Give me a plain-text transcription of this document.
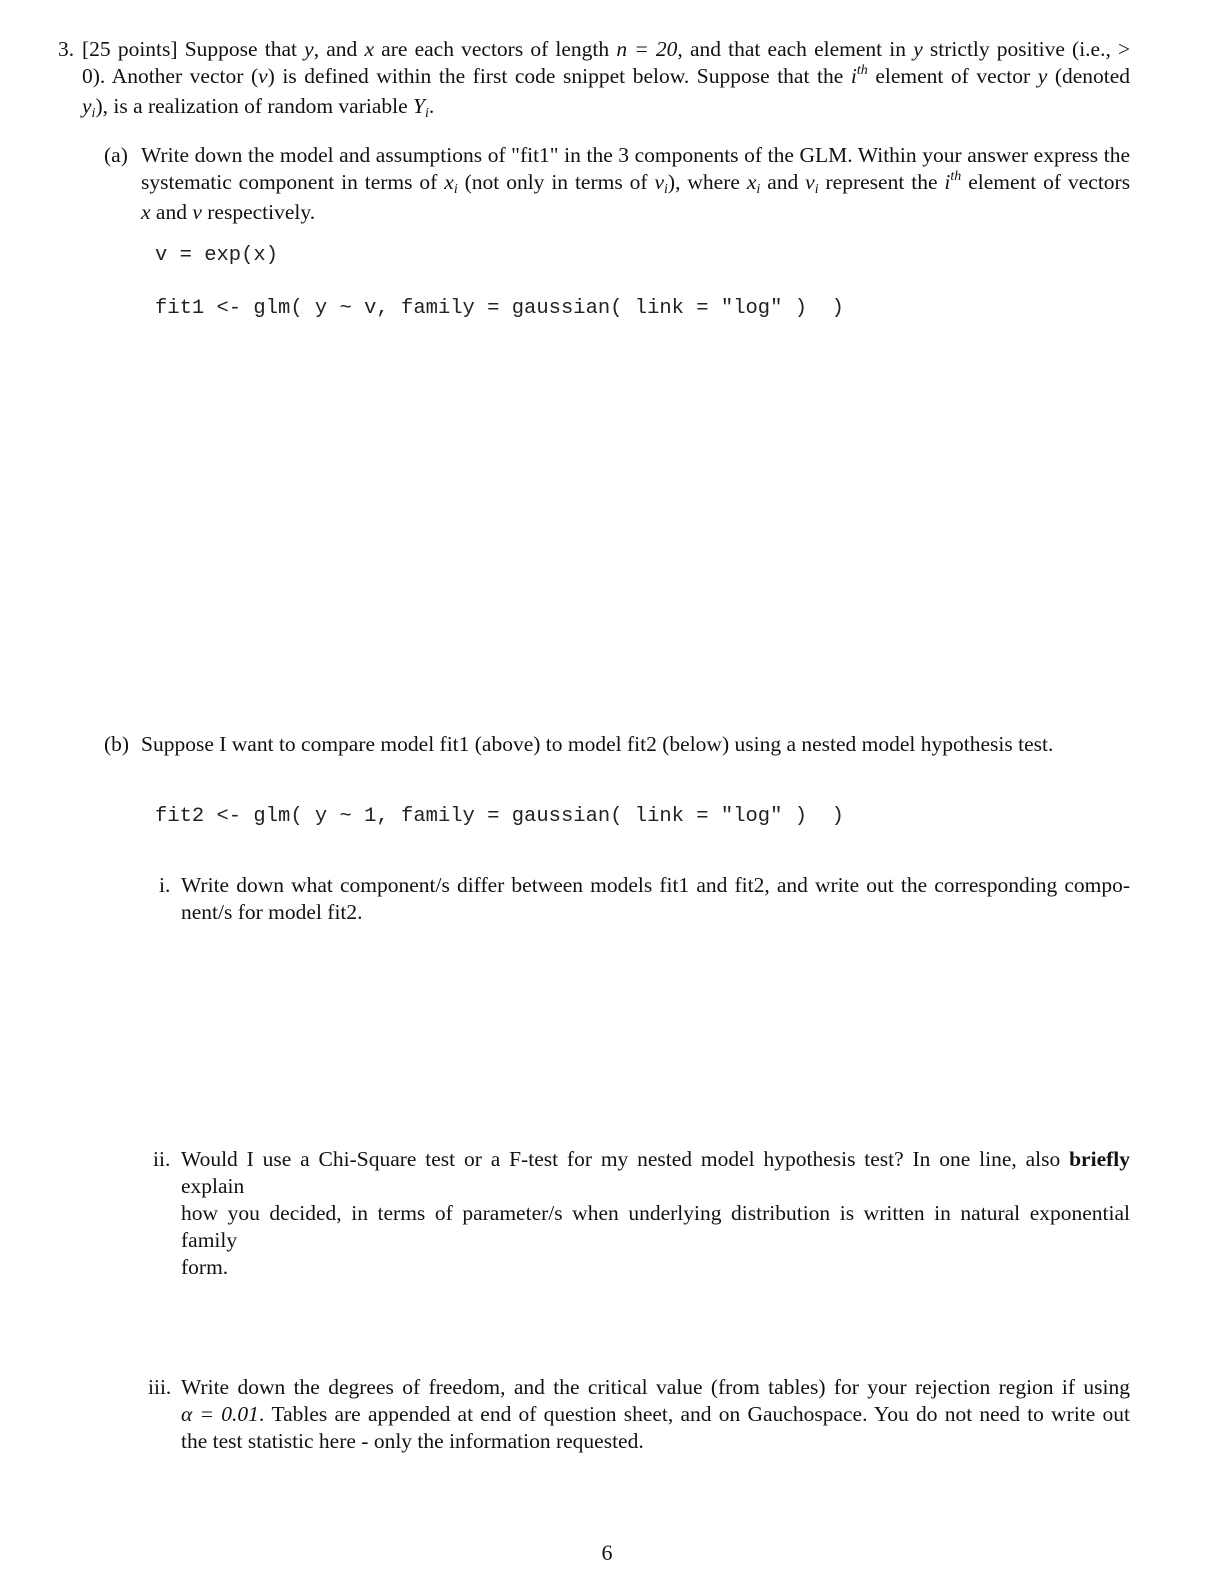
3. [25 points] Suppose that y, and x are each vectors of length n = 20, and that each element in y strictly positive (i.e., >
0). Another vector (v) is defined within the first code snippet below. Suppose that the $i^{th}$ element of vector y (denoted
$y_i$), is a realization of random variable $Y_i$.
(a) Write down the model and assumptions of "fit1" in the 3 components of the GLM. Within your answer express the
systematic component in terms of $x_i$ (not only in terms of $v_i$), where $x_i$ and $v_i$ represent the $i^{th}$ element of vectors
x and v respectively.
v = exp(x)
fit1 <- glm( y ~ v, family = gaussian( link = "log" )  )
(b) Suppose I want to compare model fit1 (above) to model fit2 (below) using a nested model hypothesis test.
fit2 <- glm( y ~ 1, family = gaussian( link = "log" )  )
i. Write down what component/s differ between models fit1 and fit2, and write out the corresponding compo-
nent/s for model fit2.
ii. Would I use a Chi-Square test or a F-test for my nested model hypothesis test? In one line, also briefly explain
how you decided, in terms of parameter/s when underlying distribution is written in natural exponential family
form.
iii. Write down the degrees of freedom, and the critical value (from tables) for your rejection region if using
α = 0.01. Tables are appended at end of question sheet, and on Gauchospace. You do not need to write out
the test statistic here - only the information requested.
6
